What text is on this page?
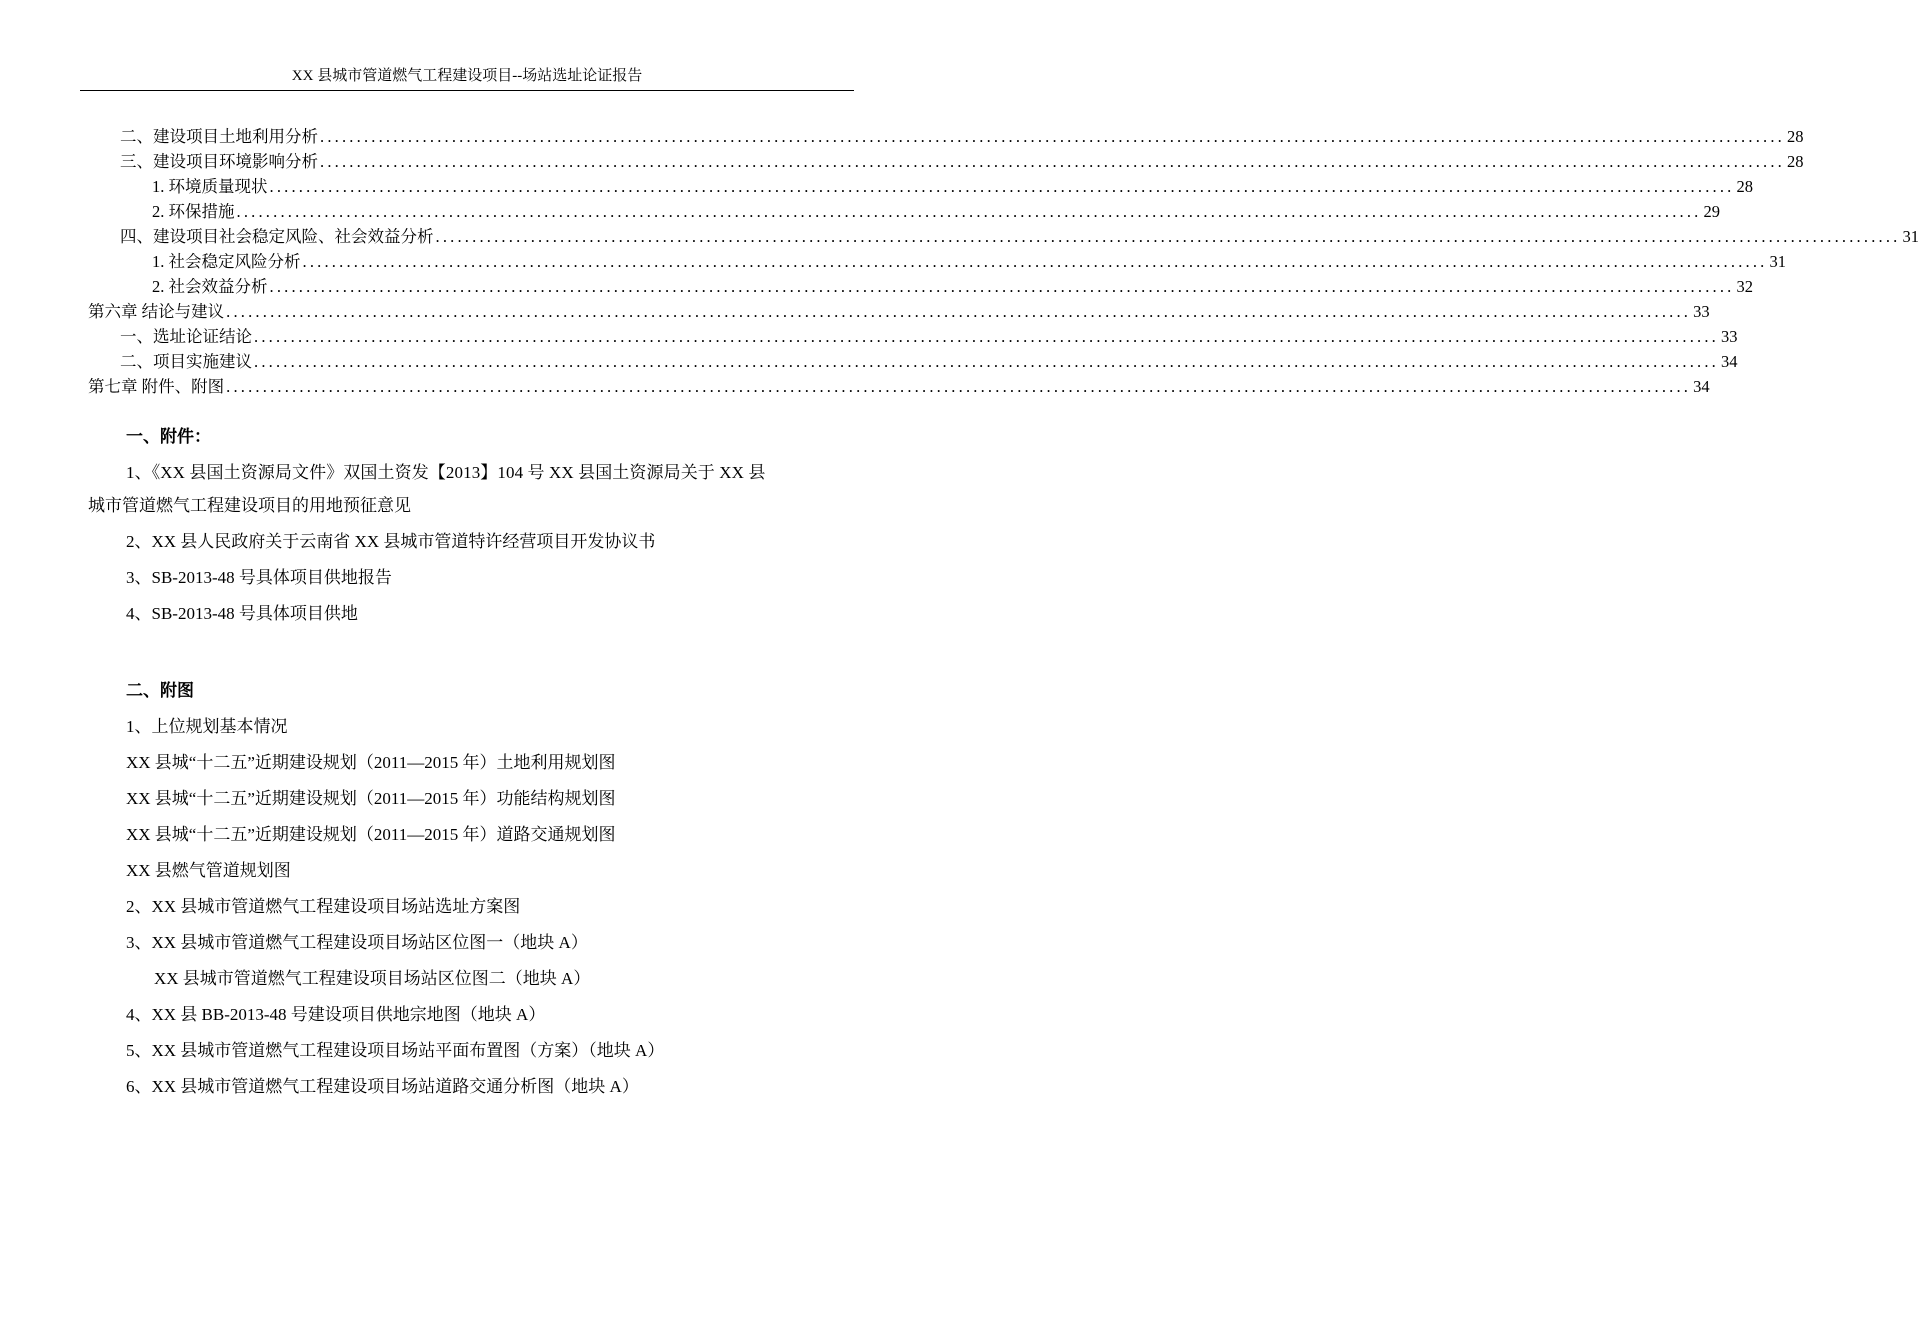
XX 县城市管道燃气工程建设项目--场站选址论证报告
二、建设项目土地利用分析 ........................................................................................................................................................................................................ 28
三、建设项目环境影响分析 ........................................................................................................................................................................................................ 28
1. 环境质量现状 ........................................................................................................................................................................................................ 28
2. 环保措施 ........................................................................................................................................................................................................ 29
四、建设项目社会稳定风险、社会效益分析 ........................................................................................................................................................................................................ 31
1. 社会稳定风险分析 ........................................................................................................................................................................................................ 31
2. 社会效益分析 ........................................................................................................................................................................................................ 32
第六章 结论与建议 ........................................................................................................................................................................................................ 33
一、选址论证结论 ........................................................................................................................................................................................................ 33
二、项目实施建议 ........................................................................................................................................................................................................ 34
第七章 附件、附图 ........................................................................................................................................................................................................ 34
一、附件：
1、《XX 县国土资源局文件》双国土资发【2013】104 号 XX 县国土资源局关于 XX 县
城市管道燃气工程建设项目的用地预征意见
2、XX 县人民政府关于云南省 XX 县城市管道特许经营项目开发协议书
3、SB-2013-48 号具体项目供地报告
4、SB-2013-48 号具体项目供地
二、附图
1、上位规划基本情况
XX 县城“十二五”近期建设规划（2011—2015 年）土地利用规划图
XX 县城“十二五”近期建设规划（2011—2015 年）功能结构规划图
XX 县城“十二五”近期建设规划（2011—2015 年）道路交通规划图
XX 县燃气管道规划图
2、XX 县城市管道燃气工程建设项目场站选址方案图
3、XX 县城市管道燃气工程建设项目场站区位图一（地块 A）
XX 县城市管道燃气工程建设项目场站区位图二（地块 A）
4、XX 县 BB-2013-48 号建设项目供地宗地图（地块 A）
5、XX 县城市管道燃气工程建设项目场站平面布置图（方案）（地块 A）
6、XX 县城市管道燃气工程建设项目场站道路交通分析图（地块 A）
